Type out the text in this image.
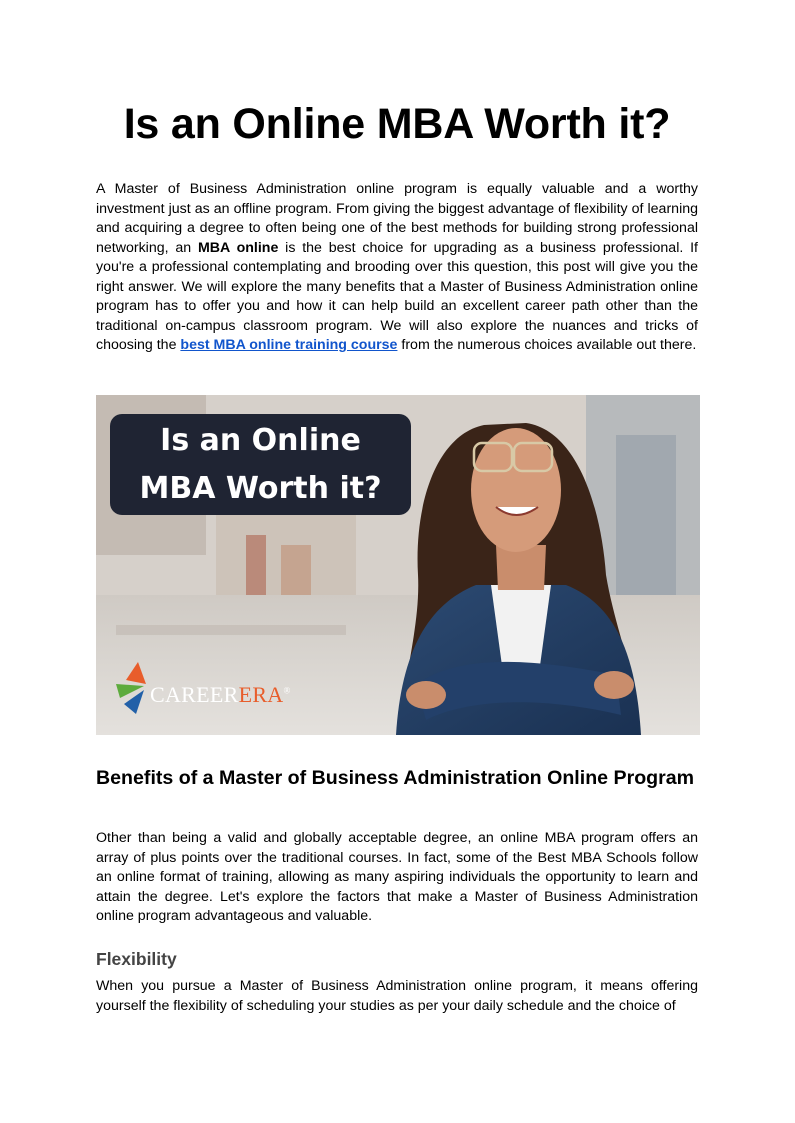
Is an Online MBA Worth it?

A Master of Business Administration online program is equally valuable and a worthy investment just as an offline program. From giving the biggest advantage of flexibility of learning and acquiring a degree to often being one of the best methods for building strong professional networking, an MBA online is the best choice for upgrading as a business professional. If you're a professional contemplating and brooding over this question, this post will give you the right answer. We will explore the many benefits that a Master of Business Administration online program has to offer you and how it can help build an excellent career path other than the traditional on-campus classroom program. We will also explore the nuances and tricks of choosing the best MBA online training course from the numerous choices available out there.

Is an Online
MBA Worth it?
CAREERERA®
Benefits of a Master of Business Administration Online Program

Other than being a valid and globally acceptable degree, an online MBA program offers an array of plus points over the traditional courses. In fact, some of the Best MBA Schools follow an online format of training, allowing as many aspiring individuals the opportunity to learn and attain the degree. Let's explore the factors that make a Master of Business Administration online program advantageous and valuable.

Flexibility

When you pursue a Master of Business Administration online program, it means offering yourself the flexibility of scheduling your studies as per your daily schedule and the choice of
